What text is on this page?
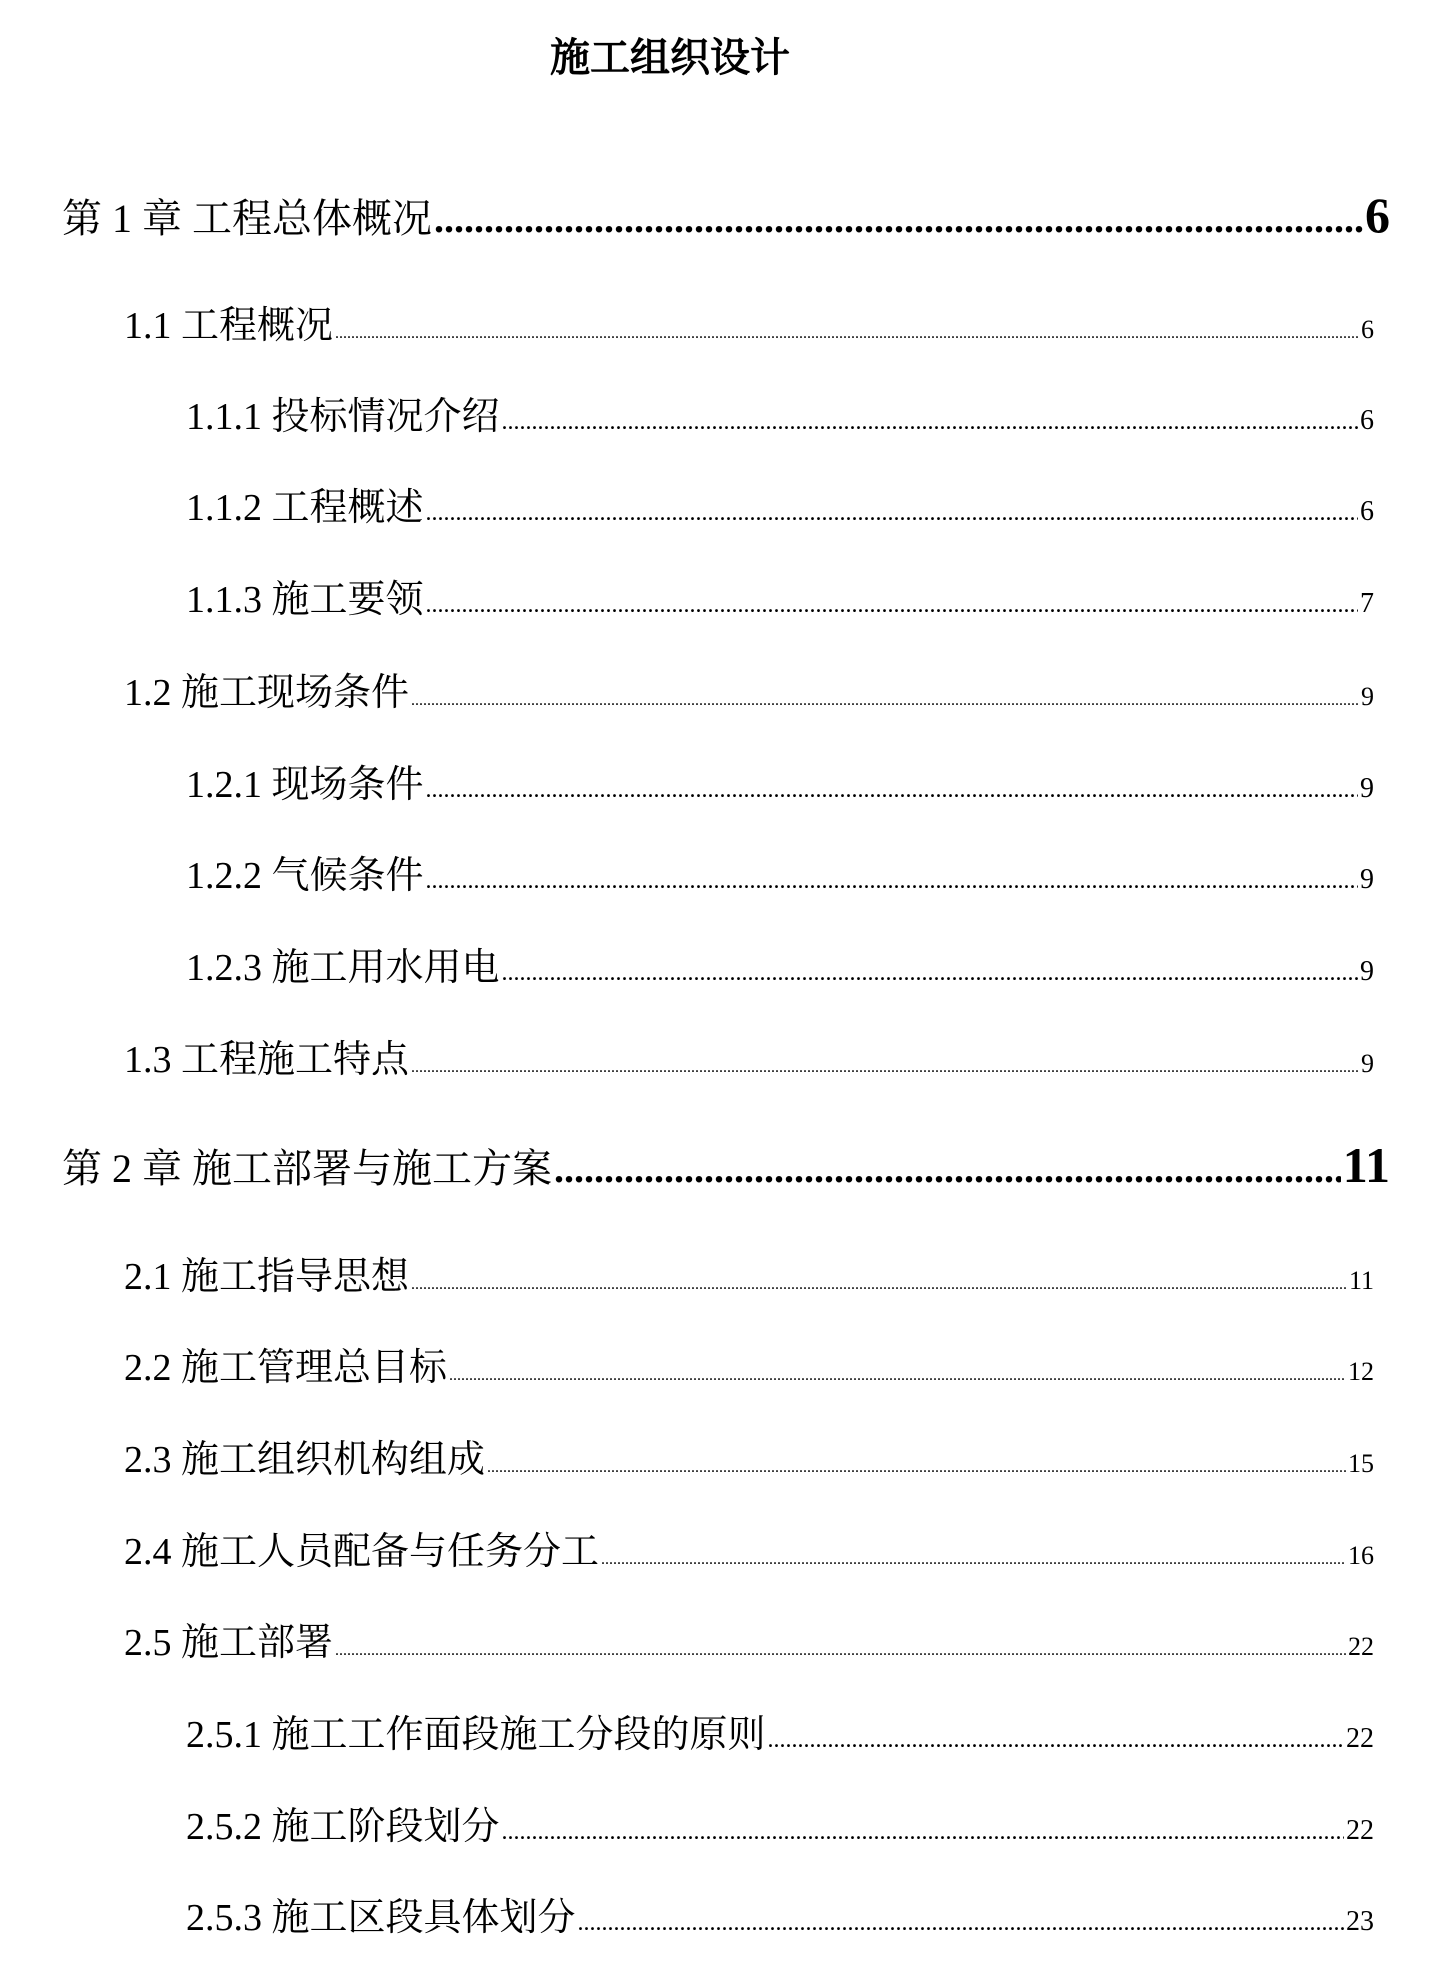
施工组织设计
第 1 章 工程总体概况 .....	6
1.1 工程概况 .....	6
1.1.1 投标情况介绍 .....	6
1.1.2 工程概述 .....	6
1.1.3 施工要领 .....	7
1.2 施工现场条件 .....	9
1.2.1 现场条件 .....	9
1.2.2 气候条件 .....	9
1.2.3 施工用水用电 .....	9
1.3 工程施工特点 .....	9
第 2 章 施工部署与施工方案 .....	11
2.1 施工指导思想 .....	11
2.2 施工管理总目标 .....	12
2.3 施工组织机构组成 .....	15
2.4 施工人员配备与任务分工 .....	16
2.5 施工部署 .....	22
2.5.1 施工工作面段施工分段的原则 .....	22
2.5.2 施工阶段划分 .....	22
2.5.3 施工区段具体划分 .....	23
